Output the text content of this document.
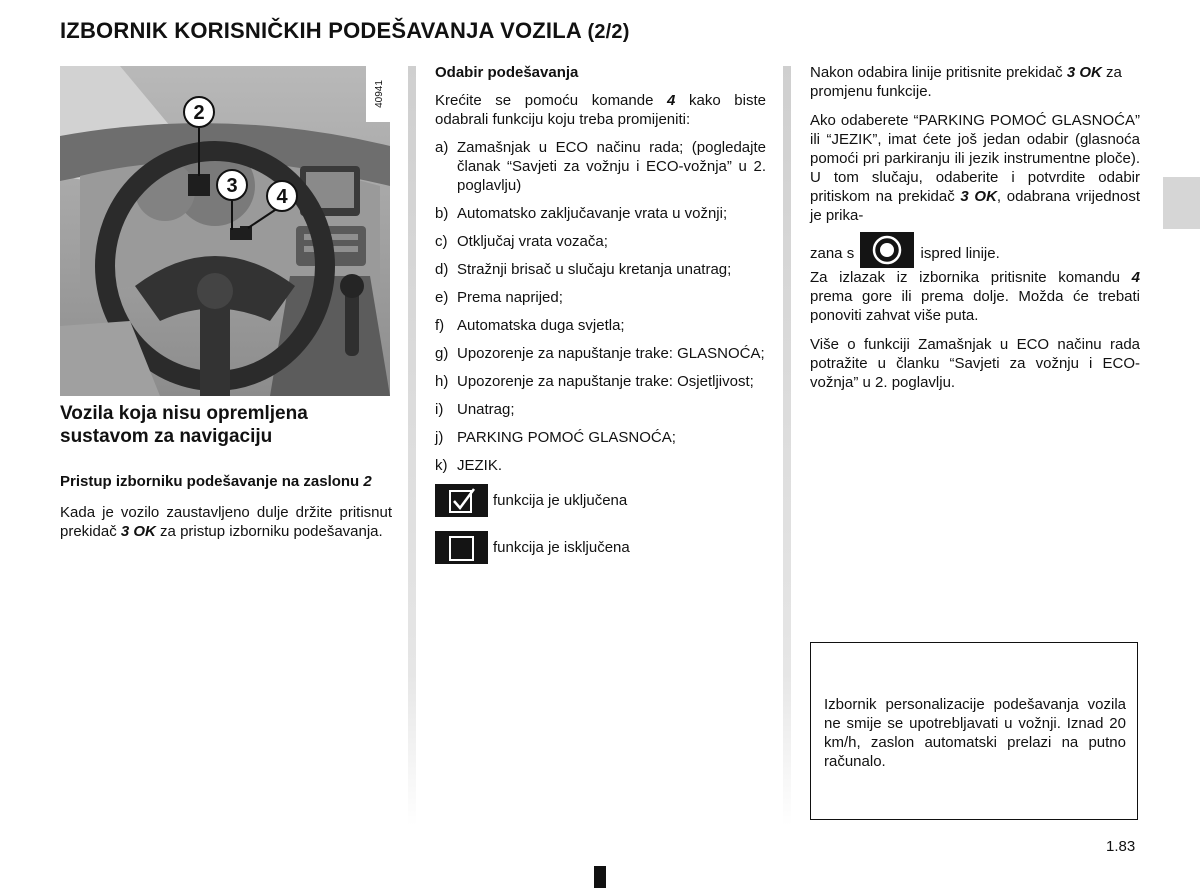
IZBORNIK KORISNIČKIH PODEŠAVANJA VOZILA (2/2)
2
3 4
40941
Vozila koja nisu opremljena sustavom za navigaciju
Pristup izborniku podešavanje na zaslonu 2

Kada je vozilo zaustavljeno dulje držite pritisnut prekidač 3 OK za pristup izborniku podešavanja.

Odabir podešavanja

Krećite se pomoću komande 4 kako biste odabrali funkciju koju treba promijeniti:

a) Zamašnjak u ECO načinu rada; (pogledajte članak “Savjeti za vožnju i ECO-vožnja” u 2. poglavlju)
b) Automatsko zaključavanje vrata u vožnji;
c) Otključaj vrata vozača;
d) Stražnji brisač u slučaju kretanja unatrag;
e) Prema naprijed;
f) Automatska duga svjetla;
g) Upozorenje za napuštanje trake: GLASNOĆA;
h) Upozorenje za napuštanje trake: Osjetljivost;
i) Unatrag;
j) PARKING POMOĆ GLASNOĆA;
k) JEZIK.
funkcija je uključena
funkcija je isključena

Nakon odabira linije pritisnite prekidač 3 OK za promjenu funkcije.

Ako odaberete “PARKING POMOĆ GLASNOĆA” ili “JEZIK”, imat ćete još jedan odabir (glasnoća pomoći pri parkiranju ili jezik instrumentne ploče). U tom slučaju, odaberite i potvrdite odabir pritiskom na prekidač 3 OK, odabrana vrijednost je prika-

zana s	ispred linije.

Za izlazak iz izbornika pritisnite komandu 4 prema gore ili prema dolje. Možda će trebati ponoviti zahvat više puta.

Više o funkciji Zamašnjak u ECO načinu rada potražite u članku “Savjeti za vožnju i ECO-vožnja” u 2. poglavlju.

Izbornik personalizacije podešavanja vozila ne smije se upotrebljavati u vožnji. Iznad 20 km/h, zaslon automatski prelazi na putno računalo.

1.83
